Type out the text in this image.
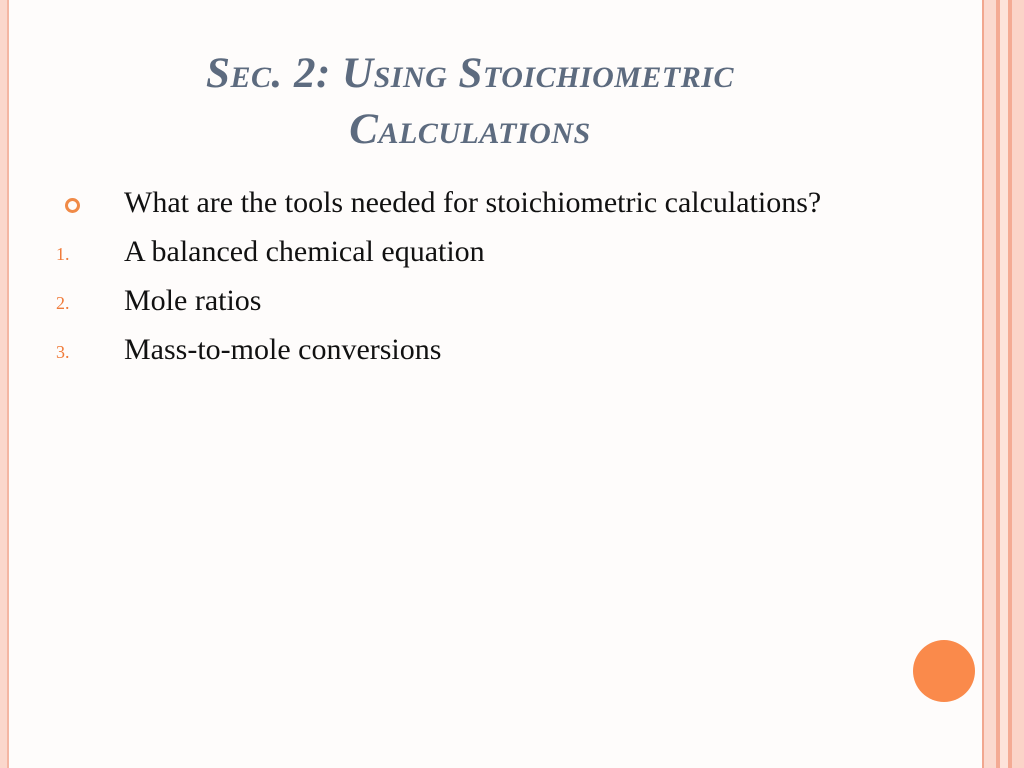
Sec. 2: Using Stoichiometric Calculations
What are the tools needed for stoichiometric calculations?
1. A balanced chemical equation
2. Mole ratios
3. Mass-to-mole conversions
